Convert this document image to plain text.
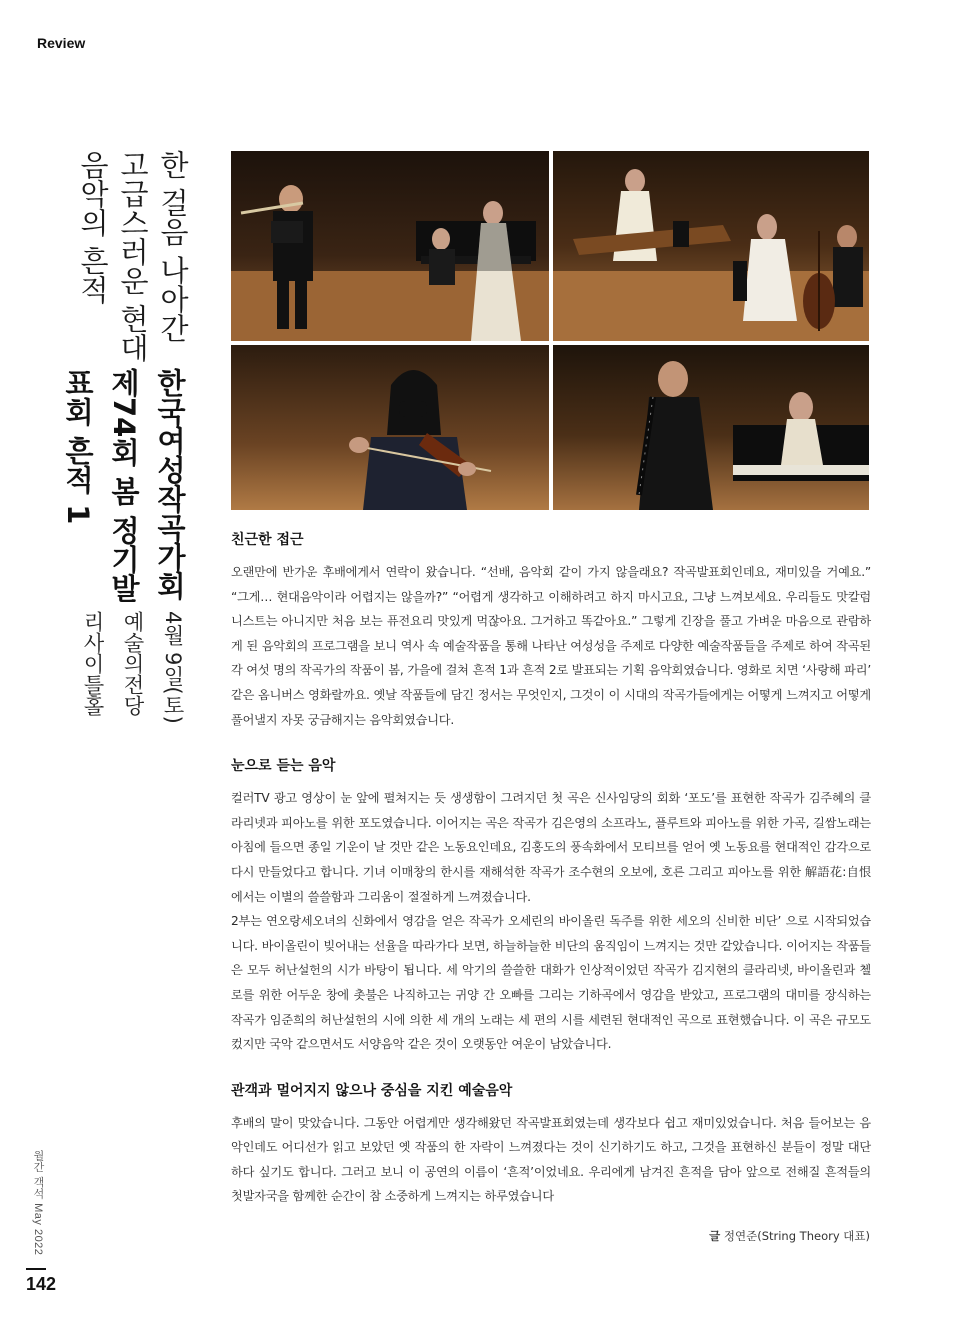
Review
한 걸음 나아간 고급스러운 현대음악의 흔적
한국여성작곡가회 제74회 봄 정기발표회 흔적 1
4월 9일(토) 예술의전당 리사이틀홀
친근한 접근

오랜만에 반가운 후배에게서 연락이 왔습니다. “선배, 음악회 같이 가지 않을래요? 작곡발표회인데요, 재미있을 거예요.” “그게… 현대음악이라 어렵지는 않을까?” “어렵게 생각하고 이해하려고 하지 마시고요, 그냥 느껴보세요. 우리들도 맛칼럼니스트는 아니지만 처음 보는 퓨전요리 맛있게 먹잖아요. 그거하고 똑같아요.” 그렇게 긴장을 풀고 가벼운 마음으로 관람하게 된 음악회의 프로그램을 보니 역사 속 예술작품을 통해 나타난 여성성을 주제로 다양한 예술작품들을 주제로 하여 작곡된 각 여섯 명의 작곡가의 작품이 봄, 가을에 걸쳐 흔적 1과 흔적 2로 발표되는 기획 음악회였습니다. 영화로 치면 ‘사랑해 파리’ 같은 옴니버스 영화랄까요. 옛날 작품들에 담긴 정서는 무엇인지, 그것이 이 시대의 작곡가들에게는 어떻게 느껴지고 어떻게 풀어낼지 자못 궁금해지는 음악회였습니다.

눈으로 듣는 음악

컬러TV 광고 영상이 눈 앞에 펼쳐지는 듯 생생함이 그려지던 첫 곡은 신사임당의 회화 ‘포도’를 표현한 작곡가 김주혜의 클라리넷과 피아노를 위한 포도였습니다. 이어지는 곡은 작곡가 김은영의 소프라노, 플루트와 피아노를 위한 가곡, 길쌈노래는 아침에 들으면 종일 기운이 날 것만 같은 노동요인데요, 김홍도의 풍속화에서 모티브를 얻어 옛 노동요를 현대적인 감각으로 다시 만들었다고 합니다. 기녀 이매창의 한시를 재해석한 작곡가 조수현의 오보에, 호른 그리고 피아노를 위한 解語花:自恨 에서는 이별의 쓸쓸함과 그리움이 절절하게 느껴졌습니다.

2부는 연오랑세오녀의 신화에서 영감을 얻은 작곡가 오세린의 바이올린 독주를 위한 세오의 신비한 비단’ 으로 시작되었습니다. 바이올린이 빚어내는 선율을 따라가다 보면, 하늘하늘한 비단의 움직임이 느껴지는 것만 같았습니다. 이어지는 작품들은 모두 허난설헌의 시가 바탕이 됩니다. 세 악기의 쓸쓸한 대화가 인상적이었던 작곡가 김지현의 클라리넷, 바이올린과 첼로를 위한 어두운 창에 촛불은 나직하고는 귀양 간 오빠를 그리는 기하곡에서 영감을 받았고, 프로그램의 대미를 장식하는 작곡가 임준희의 허난설헌의 시에 의한 세 개의 노래는 세 편의 시를 세련된 현대적인 곡으로 표현했습니다. 이 곡은 규모도 컸지만 국악 같으면서도 서양음악 같은 것이 오랫동안 여운이 남았습니다.

관객과 멀어지지 않으나 중심을 지킨 예술음악

후배의 말이 맞았습니다. 그동안 어렵게만 생각해왔던 작곡발표회였는데 생각보다 쉽고 재미있었습니다. 처음 들어보는 음악인데도 어디선가 읽고 보았던 옛 작품의 한 자락이 느껴졌다는 것이 신기하기도 하고, 그것을 표현하신 분들이 정말 대단하다 싶기도 합니다. 그러고 보니 이 공연의 이름이 ‘흔적’이었네요. 우리에게 남겨진 흔적을 담아 앞으로 전해질 흔적들의 첫발자국을 함께한 순간이 참 소중하게 느껴지는 하루였습니다

글 정연준(String Theory 대표)
월간 객석 May 2022
142
